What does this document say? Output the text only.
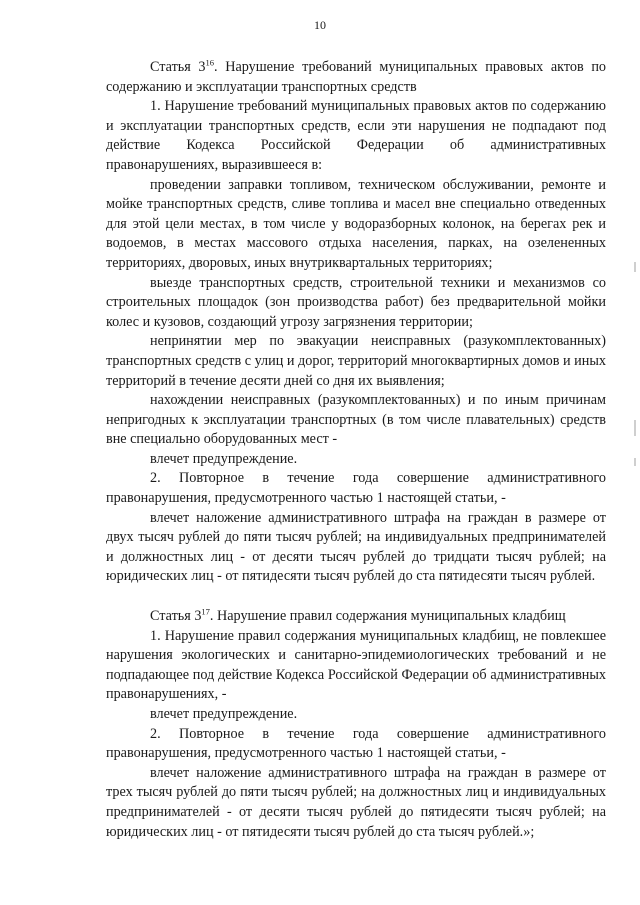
10

Статья $3^{16}$. Нарушение требований муниципальных правовых актов по содержанию и эксплуатации транспортных средств

1. Нарушение требований муниципальных правовых актов по содержанию и эксплуатации транспортных средств, если эти нарушения не подпадают под действие Кодекса Российской Федерации об административных правонарушениях, выразившееся в:

проведении заправки топливом, техническом обслуживании, ремонте и мойке транспортных средств, сливе топлива и масел вне специально отведенных для этой цели местах, в том числе у водоразборных колонок, на берегах рек и водоемов, в местах массового отдыха населения, парках, на озелененных территориях, дворовых, иных внутриквартальных территориях;

выезде транспортных средств, строительной техники и механизмов со строительных площадок (зон производства работ) без предварительной мойки колес и кузовов, создающий угрозу загрязнения территории;

непринятии мер по эвакуации неисправных (разукомплектованных) транспортных средств с улиц и дорог, территорий многоквартирных домов и иных территорий в течение десяти дней со дня их выявления;

нахождении неисправных (разукомплектованных) и по иным причинам непригодных к эксплуатации транспортных (в том числе плавательных) средств вне специально оборудованных мест -

влечет предупреждение.

2. Повторное в течение года совершение административного правонарушения, предусмотренного частью 1 настоящей статьи, -

влечет наложение административного штрафа на граждан в размере от двух тысяч рублей до пяти тысяч рублей; на индивидуальных предпринимателей и должностных лиц - от десяти тысяч рублей до тридцати тысяч рублей; на юридических лиц - от пятидесяти тысяч рублей до ста пятидесяти тысяч рублей.

Статья $3^{17}$. Нарушение правил содержания муниципальных кладбищ

1. Нарушение правил содержания муниципальных кладбищ, не повлекшее нарушения экологических и санитарно-эпидемиологических требований и не подпадающее под действие Кодекса Российской Федерации об административных правонарушениях, -

влечет предупреждение.

2. Повторное в течение года совершение административного правонарушения, предусмотренного частью 1 настоящей статьи, -

влечет наложение административного штрафа на граждан в размере от трех тысяч рублей до пяти тысяч рублей; на должностных лиц и индивидуальных предпринимателей - от десяти тысяч рублей до пятидесяти тысяч рублей; на юридических лиц - от пятидесяти тысяч рублей до ста тысяч рублей.»;
